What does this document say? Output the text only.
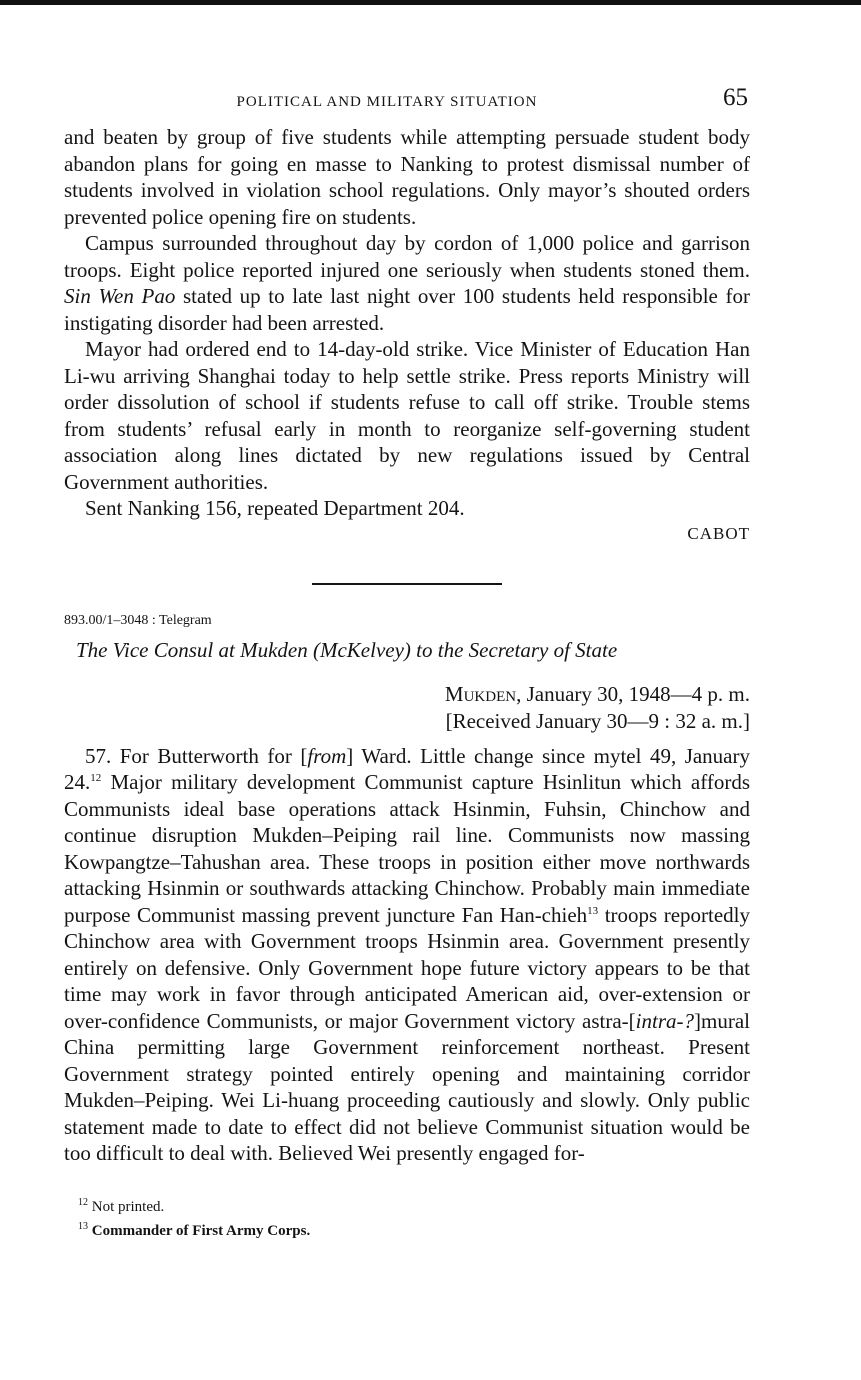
POLITICAL AND MILITARY SITUATION	65

and beaten by group of five students while attempting persuade student body abandon plans for going en masse to Nanking to protest dismissal number of students involved in violation school regulations. Only mayor’s shouted orders prevented police opening fire on students.

Campus surrounded throughout day by cordon of 1,000 police and garrison troops. Eight police reported injured one seriously when students stoned them. Sin Wen Pao stated up to late last night over 100 students held responsible for instigating disorder had been arrested.

Mayor had ordered end to 14-day-old strike. Vice Minister of Education Han Li-wu arriving Shanghai today to help settle strike. Press reports Ministry will order dissolution of school if students refuse to call off strike. Trouble stems from students’ refusal early in month to reorganize self-governing student association along lines dictated by new regulations issued by Central Government authorities.

Sent Nanking 156, repeated Department 204.

CABOT
893.00/1–3048 : Telegram
The Vice Consul at Mukden (McKelvey) to the Secretary of State
Mukden, January 30, 1948—4 p. m.
[Received January 30—9 : 32 a. m.]

57. For Butterworth for [from] Ward. Little change since mytel 49, January 24.12 Major military development Communist capture Hsinlitun which affords Communists ideal base operations attack Hsinmin, Fuhsin, Chinchow and continue disruption Mukden–Peiping rail line. Communists now massing Kowpangtze–Tahushan area. These troops in position either move northwards attacking Hsinmin or southwards attacking Chinchow. Probably main immediate purpose Communist massing prevent juncture Fan Han-chieh$^{13}$ troops reportedly Chinchow area with Government troops Hsinmin area. Government presently entirely on defensive. Only Government hope future victory appears to be that time may work in favor through anticipated American aid, over-extension or over-confidence Communists, or major Government victory astra-[intra-?]mural China permitting large Government reinforcement northeast. Present Government strategy pointed entirely opening and maintaining corridor Mukden–Peiping. Wei Li-huang proceeding cautiously and slowly. Only public statement made to date to effect did not believe Communist situation would be too difficult to deal with. Believed Wei presently engaged for-

$^{12}$ Not printed.
$^{13}$ Commander of First Army Corps.
